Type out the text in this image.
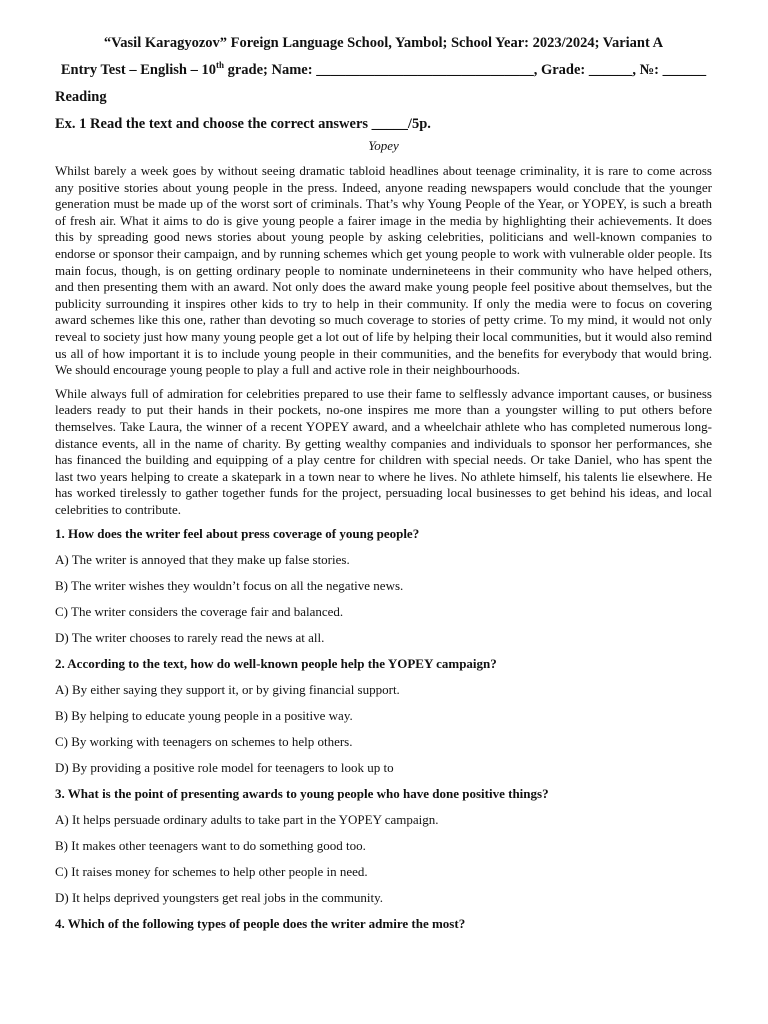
“Vasil Karagyozov” Foreign Language School, Yambol; School Year: 2023/2024; Variant A

Entry Test – English – 10th grade; Name: ______________________________, Grade: ______, №: ______

Reading

Ex. 1 Read the text and choose the correct answers _____/5p.

Yopey

Whilst barely a week goes by without seeing dramatic tabloid headlines about teenage criminality, it is rare to come across any positive stories about young people in the press. Indeed, anyone reading newspapers would conclude that the younger generation must be made up of the worst sort of criminals. That’s why Young People of the Year, or YOPEY, is such a breath of fresh air. What it aims to do is give young people a fairer image in the media by highlighting their achievements. It does this by spreading good news stories about young people by asking celebrities, politicians and well-known companies to endorse or sponsor their campaign, and by running schemes which get young people to work with vulnerable older people. Its main focus, though, is on getting ordinary people to nominate undernineteens in their community who have helped others, and then presenting them with an award. Not only does the award make young people feel positive about themselves, but the publicity surrounding it inspires other kids to try to help in their community. If only the media were to focus on covering award schemes like this one, rather than devoting so much coverage to stories of petty crime. To my mind, it would not only reveal to society just how many young people get a lot out of life by helping their local communities, but it would also remind us all of how important it is to include young people in their communities, and the benefits for everybody that would bring. We should encourage young people to play a full and active role in their neighbourhoods.

While always full of admiration for celebrities prepared to use their fame to selflessly advance important causes, or business leaders ready to put their hands in their pockets, no-one inspires me more than a youngster willing to put others before themselves. Take Laura, the winner of a recent YOPEY award, and a wheelchair athlete who has completed numerous long-distance events, all in the name of charity. By getting wealthy companies and individuals to sponsor her performances, she has financed the building and equipping of a play centre for children with special needs. Or take Daniel, who has spent the last two years helping to create a skatepark in a town near to where he lives. No athlete himself, his talents lie elsewhere. He has worked tirelessly to gather together funds for the project, persuading local businesses to get behind his ideas, and local celebrities to contribute.

1. How does the writer feel about press coverage of young people?

A) The writer is annoyed that they make up false stories.

B) The writer wishes they wouldn’t focus on all the negative news.

C) The writer considers the coverage fair and balanced.

D) The writer chooses to rarely read the news at all.

2. According to the text, how do well-known people help the YOPEY campaign?

A) By either saying they support it, or by giving financial support.

B) By helping to educate young people in a positive way.

C) By working with teenagers on schemes to help others.

D) By providing a positive role model for teenagers to look up to

3. What is the point of presenting awards to young people who have done positive things?

A) It helps persuade ordinary adults to take part in the YOPEY campaign.

B) It makes other teenagers want to do something good too.

C) It raises money for schemes to help other people in need.

D) It helps deprived youngsters get real jobs in the community.

4. Which of the following types of people does the writer admire the most?
